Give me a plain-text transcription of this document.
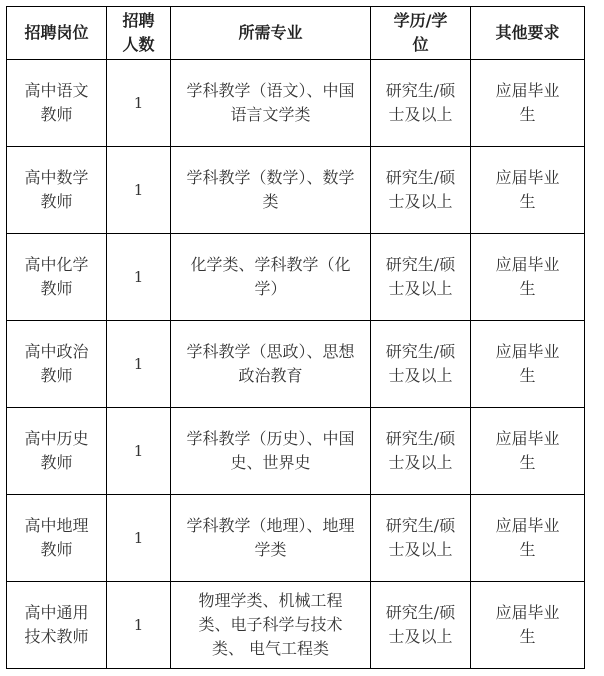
招聘岗位	招聘人数	所需专业	学历/学位	其他要求

高中语文教师	1	学科教学（语文）、中国语言文学类	研究生/硕士及以上	应届毕业生

高中数学教师	1	学科教学（数学）、数学类	研究生/硕士及以上	应届毕业生

高中化学教师	1	化学类、学科教学（化学）	研究生/硕士及以上	应届毕业生

高中政治教师	1	学科教学（思政）、思想政治教育	研究生/硕士及以上	应届毕业生

高中历史教师	1	学科教学（历史）、中国史、世界史	研究生/硕士及以上	应届毕业生

高中地理教师	1	学科教学（地理）、地理学类	研究生/硕士及以上	应届毕业生

高中通用技术教师	1	物理学类、机械工程类、电子科学与技术类、 电气工程类	研究生/硕士及以上	应届毕业生
